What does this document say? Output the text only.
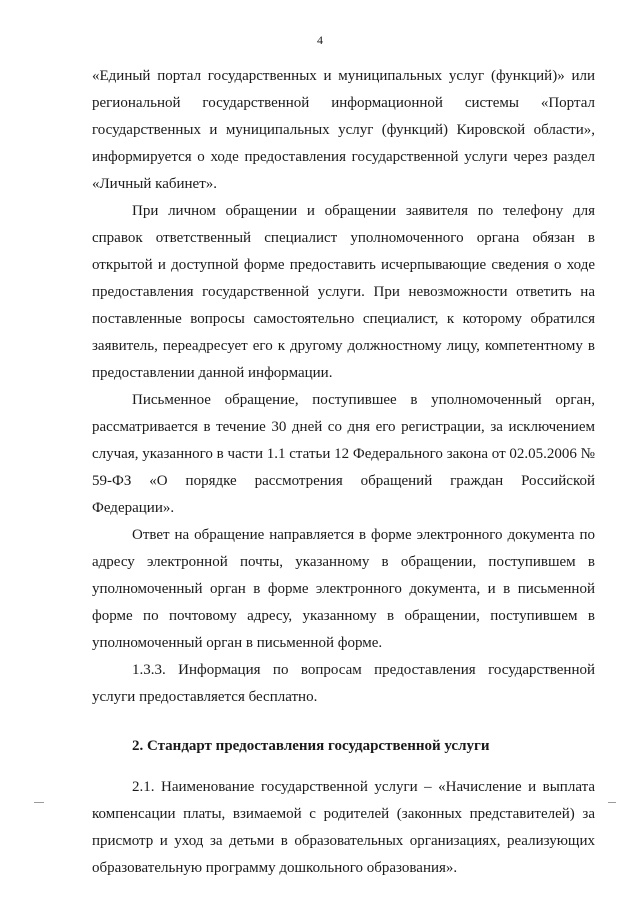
4

«Единый портал государственных и муниципальных услуг (функций)» или региональной государственной информационной системы «Портал государственных и муниципальных услуг (функций) Кировской области», информируется о ходе предоставления государственной услуги через раздел «Личный кабинет».

При личном обращении и обращении заявителя по телефону для справок ответственный специалист уполномоченного органа обязан в открытой и доступной форме предоставить исчерпывающие сведения о ходе предоставления государственной услуги. При невозможности ответить на поставленные вопросы самостоятельно специалист, к которому обратился заявитель, переадресует его к другому должностному лицу, компетентному в предоставлении данной информации.

Письменное обращение, поступившее в уполномоченный орган, рассматривается в течение 30 дней со дня его регистрации, за исключением случая, указанного в части 1.1 статьи 12 Федерального закона от 02.05.2006 № 59-ФЗ «О порядке рассмотрения обращений граждан Российской Федерации».

Ответ на обращение направляется в форме электронного документа по адресу электронной почты, указанному в обращении, поступившем в уполномоченный орган в форме электронного документа, и в письменной форме по почтовому адресу, указанному в обращении, поступившем в уполномоченный орган в письменной форме.

1.3.3. Информация по вопросам предоставления государственной услуги предоставляется бесплатно.

2. Стандарт предоставления государственной услуги

2.1. Наименование государственной услуги – «Начисление и выплата компенсации платы, взимаемой с родителей (законных представителей) за присмотр и уход за детьми в образовательных организациях, реализующих образовательную программу дошкольного образования».
